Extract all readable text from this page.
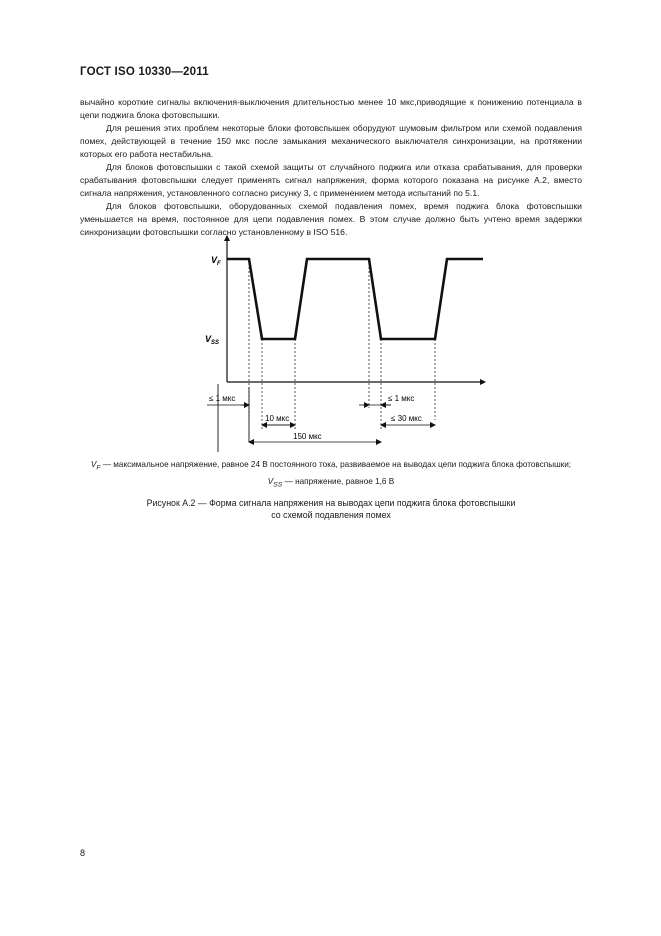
ГОСТ ISO 10330—2011

вычайно короткие сигналы включения-выключения длительностью менее 10 мкс,приводящие к понижению потенциала в цепи поджига блока фотовспышки.

Для решения этих проблем некоторые блоки фотовспышек оборудуют шумовым фильтром или схемой подавления помех, действующей в течение 150 мкс после замыкания механического выключателя синхронизации, на протяжении которых его работа нестабильна.

Для блоков фотовспышки с такой схемой защиты от случайного поджига или отказа срабатывания, для проверки срабатывания фотовспышки следует применять сигнал напряжения, форма которого показана на рисунке А.2, вместо сигнала напряжения, установленного согласно рисунку 3, с применением метода испытаний по 5.1.

Для блоков фотовспышки, оборудованных схемой подавления помех, время поджига блока фотовспышки уменьшается на время, постоянное для цепи подавления помех. В этом случае должно быть учтено время задержки синхронизации фотовспышки согласно установленному в ISO 516.

$V_F$
$V_{SS}$
≤ 1 мкс
10 мкс
≤ 1 мкс
≤ 30 мкс
150 мкс
$V_F$ — максимальное напряжение, равное 24 В постоянного тока, развиваемое на выводах цепи поджига блока фотовспышки;
$V_{SS}$ — напряжение, равное 1,6 В
Рисунок А.2 — Форма сигнала напряжения на выводах цепи поджига блока фотовспышки
со схемой подавления помех
8
